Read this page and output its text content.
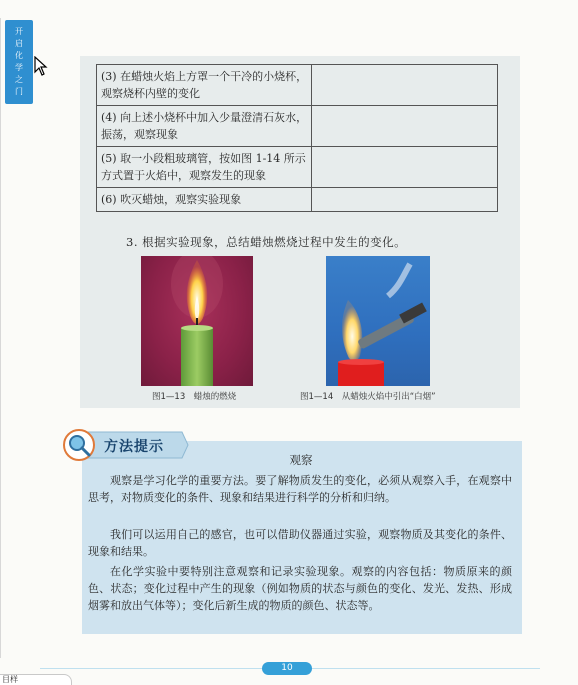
开
启
化
学
之
门
(3) 在蜡烛火焰上方罩一个干冷的小烧杯，观察烧杯内壁的变化	
(4) 向上述小烧杯中加入少量澄清石灰水，振荡，观察现象	
(5) 取一小段粗玻璃管，按如图 1-14 所示方式置于火焰中，观察发生的现象	
(6) 吹灭蜡烛，观察实验现象	
3. 根据实验现象，总结蜡烛燃烧过程中发生的变化。
图1—13　蜡烛的燃烧	图1—14　从蜡烛火焰中引出“白烟”
方法提示
观察

观察是学习化学的重要方法。要了解物质发生的变化，必须从观察入手，在观察中思考，对物质变化的条件、现象和结果进行科学的分析和归纳。

我们可以运用自己的感官，也可以借助仪器通过实验，观察物质及其变化的条件、现象和结果。

在化学实验中要特别注意观察和记录实验现象。观察的内容包括：物质原来的颜色、状态；变化过程中产生的现象（例如物质的状态与颜色的变化、发光、发热、形成烟雾和放出气体等）；变化后新生成的物质的颜色、状态等。

10
目样
